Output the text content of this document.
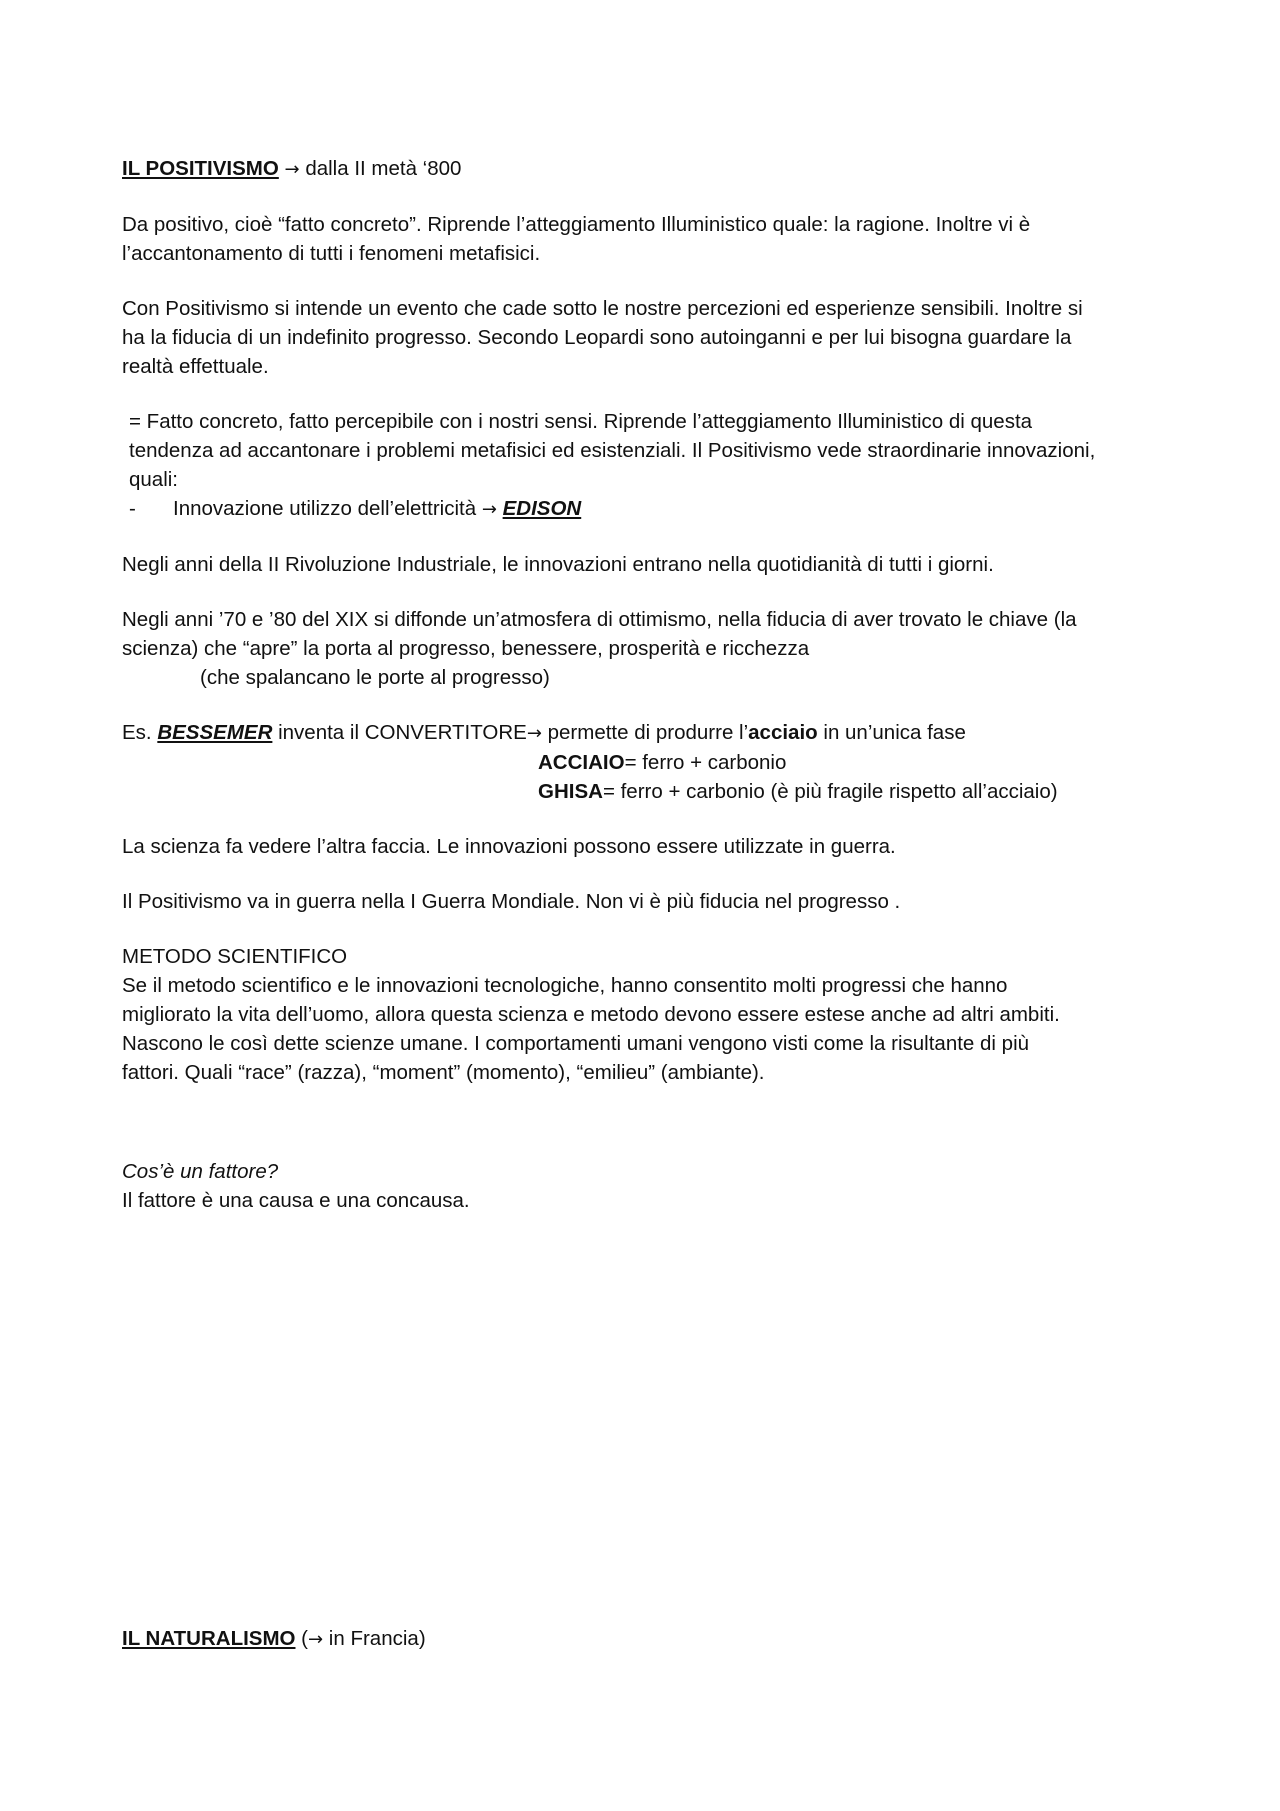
IL POSITIVISMO → dalla II metà ‘800
Da positivo, cioè “fatto concreto”. Riprende l’atteggiamento Illuministico quale: la ragione. Inoltre vi è
l’accantonamento di tutti i fenomeni metafisici.
Con Positivismo si intende un evento che cade sotto le nostre percezioni ed esperienze sensibili. Inoltre si
ha la fiducia di un indefinito progresso. Secondo Leopardi sono autoinganni e per lui bisogna guardare la
realtà effettuale.
= Fatto concreto, fatto percepibile con i nostri sensi. Riprende l’atteggiamento Illuministico di questa
tendenza ad accantonare i problemi metafisici ed esistenziali. Il Positivismo vede straordinarie innovazioni,
quali:
-	Innovazione utilizzo dell’elettricità → EDISON
Negli anni della II Rivoluzione Industriale, le innovazioni entrano nella quotidianità di tutti i giorni.
Negli anni ’70 e ’80 del XIX si diffonde un’atmosfera di ottimismo, nella fiducia di aver trovato le chiave (la
scienza) che “apre” la porta al progresso, benessere, prosperità e ricchezza
(che spalancano le porte al progresso)
Es. BESSEMER inventa il CONVERTITORE→ permette di produrre l’acciaio in un’unica fase
ACCIAIO= ferro + carbonio
GHISA= ferro + carbonio (è più fragile rispetto all’acciaio)
La scienza fa vedere l’altra faccia. Le innovazioni possono essere utilizzate in guerra.
Il Positivismo va in guerra nella I Guerra Mondiale. Non vi è più fiducia nel progresso .
METODO SCIENTIFICO
Se il metodo scientifico e le innovazioni tecnologiche, hanno consentito molti progressi che hanno
migliorato la vita dell’uomo, allora questa scienza e metodo devono essere estese anche ad altri ambiti.
Nascono le così dette scienze umane. I comportamenti umani vengono visti come la risultante di più
fattori. Quali “race” (razza), “moment” (momento), “emilieu” (ambiante).
Cos’è un fattore?
Il fattore è una causa e una concausa.
IL NATURALISMO (→ in Francia)
